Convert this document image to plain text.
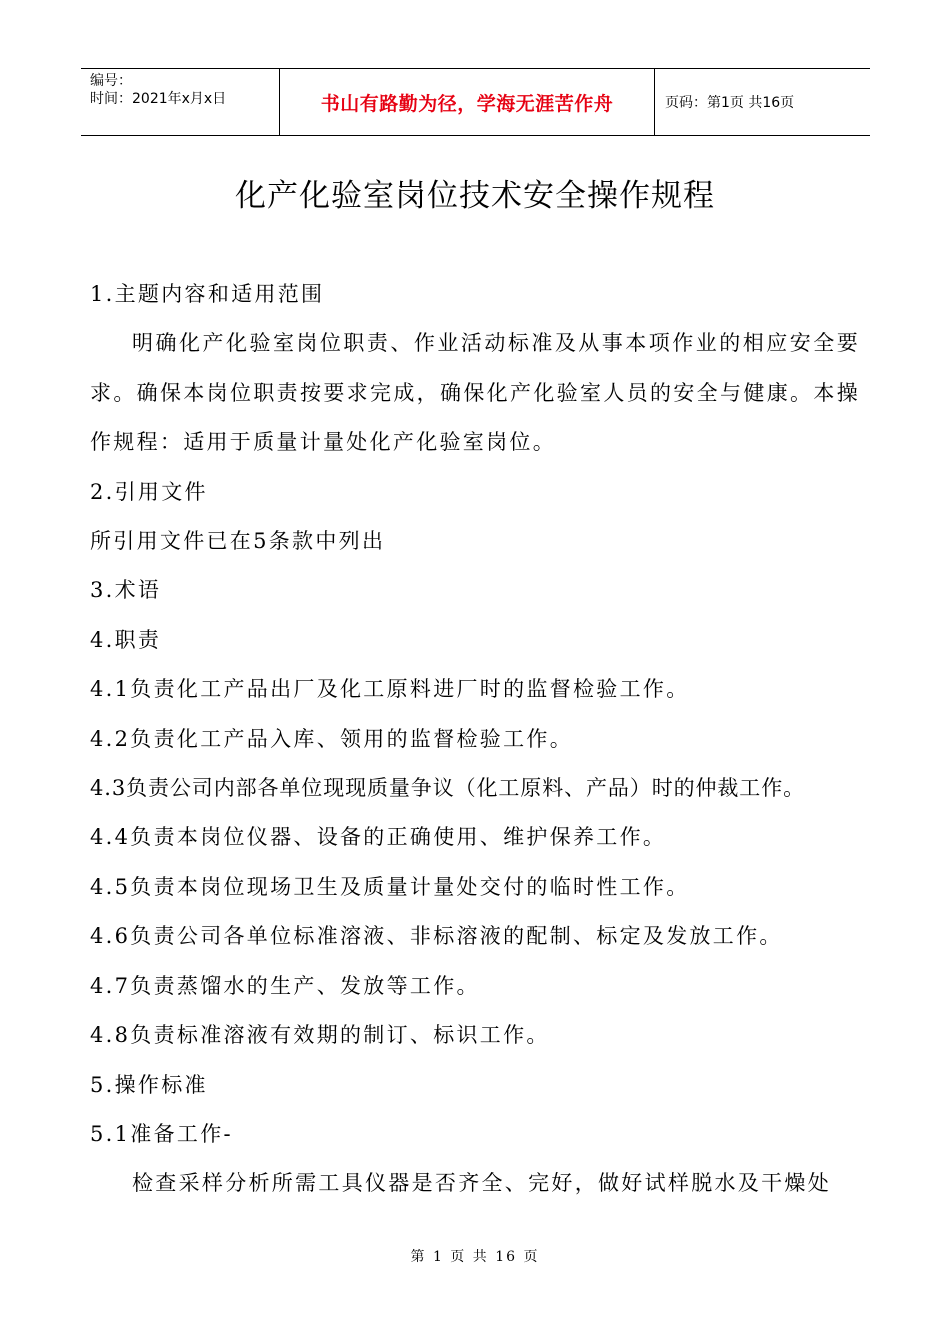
编号：
时间：2021年x月x日	书山有路勤为径，学海无涯苦作舟	页码：第1页 共16页
化产化验室岗位技术安全操作规程

1.主题内容和适用范围

明确化产化验室岗位职责、作业活动标准及从事本项作业的相应安全要求。确保本岗位职责按要求完成，确保化产化验室人员的安全与健康。本操作规程：适用于质量计量处化产化验室岗位。

2.引用文件

所引用文件已在5条款中列出

3.术语

4.职责

4.1负责化工产品出厂及化工原料进厂时的监督检验工作。

4.2负责化工产品入库、领用的监督检验工作。

4.3负责公司内部各单位现现质量争议（化工原料、产品）时的仲裁工作。

4.4负责本岗位仪器、设备的正确使用、维护保养工作。

4.5负责本岗位现场卫生及质量计量处交付的临时性工作。

4.6负责公司各单位标准溶液、非标溶液的配制、标定及发放工作。

4.7负责蒸馏水的生产、发放等工作。

4.8负责标准溶液有效期的制订、标识工作。

5.操作标准

5.1准备工作-

检查采样分析所需工具仪器是否齐全、完好，做好试样脱水及干燥处

第 1 页 共 16 页
